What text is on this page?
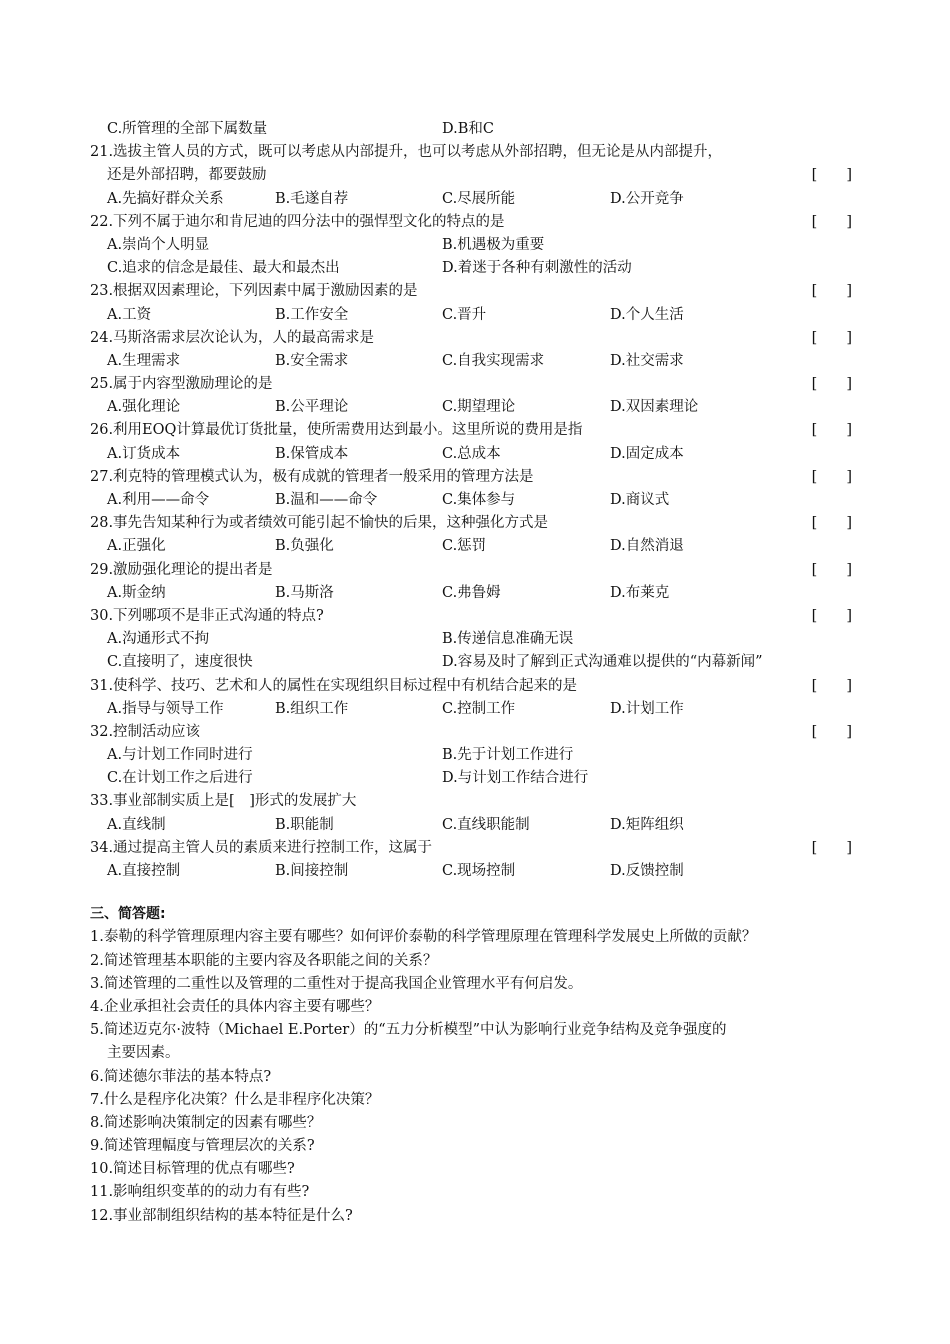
C.所管理的全部下属数量	D.B和C
21.选拔主管人员的方式，既可以考虑从内部提升，也可以考虑从外部招聘，但无论是从内部提升，
还是外部招聘，都要鼓励	[　　]
A.先搞好群众关系	B.毛遂自荐	C.尽展所能	D.公开竞争
22.下列不属于迪尔和肯尼迪的四分法中的强悍型文化的特点的是	[　　]
A.崇尚个人明显	B.机遇极为重要
C.追求的信念是最佳、最大和最杰出	D.着迷于各种有刺激性的活动
23.根据双因素理论，下列因素中属于激励因素的是	[　　]
A.工资	B.工作安全	C.晋升	D.个人生活
24.马斯洛需求层次论认为，人的最高需求是	[　　]
A.生理需求	B.安全需求	C.自我实现需求	D.社交需求
25.属于内容型激励理论的是	[　　]
A.强化理论	B.公平理论	C.期望理论	D.双因素理论
26.利用EOQ计算最优订货批量，使所需费用达到最小。这里所说的费用是指	[　　]
A.订货成本	B.保管成本	C.总成本	D.固定成本
27.利克特的管理模式认为，极有成就的管理者一般采用的管理方法是	[　　]
A.利用——命令	B.温和——命令	C.集体参与	D.商议式
28.事先告知某种行为或者绩效可能引起不愉快的后果，这种强化方式是	[　　]
A.正强化	B.负强化	C.惩罚	D.自然消退
29.激励强化理论的提出者是	[　　]
A.斯金纳	B.马斯洛	C.弗鲁姆	D.布莱克
30.下列哪项不是非正式沟通的特点?	[　　]
A.沟通形式不拘	B.传递信息准确无误
C.直接明了，速度很快	D.容易及时了解到正式沟通难以提供的“内幕新闻”
31.使科学、技巧、艺术和人的属性在实现组织目标过程中有机结合起来的是	[　　]
A.指导与领导工作	B.组织工作	C.控制工作	D.计划工作
32.控制活动应该	[　　]
A.与计划工作同时进行	B.先于计划工作进行
C.在计划工作之后进行	D.与计划工作结合进行
33.事业部制实质上是[　]形式的发展扩大
A.直线制	B.职能制	C.直线职能制	D.矩阵组织
34.通过提高主管人员的素质来进行控制工作，这属于	[　　]
A.直接控制	B.间接控制	C.现场控制	D.反馈控制
三、简答题:
1.泰勒的科学管理原理内容主要有哪些？如何评价泰勒的科学管理原理在管理科学发展史上所做的贡献？
2.简述管理基本职能的主要内容及各职能之间的关系？
3.简述管理的二重性以及管理的二重性对于提高我国企业管理水平有何启发。
4.企业承担社会责任的具体内容主要有哪些？
5.简述迈克尔·波特（Michael E.Porter）的“五力分析模型”中认为影响行业竞争结构及竞争强度的
主要因素。
6.简述德尔菲法的基本特点?
7.什么是程序化决策？什么是非程序化决策？
8.简述影响决策制定的因素有哪些？
9.简述管理幅度与管理层次的关系?
10.简述目标管理的优点有哪些?
11.影响组织变革的的动力有有些?
12.事业部制组织结构的基本特征是什么?
